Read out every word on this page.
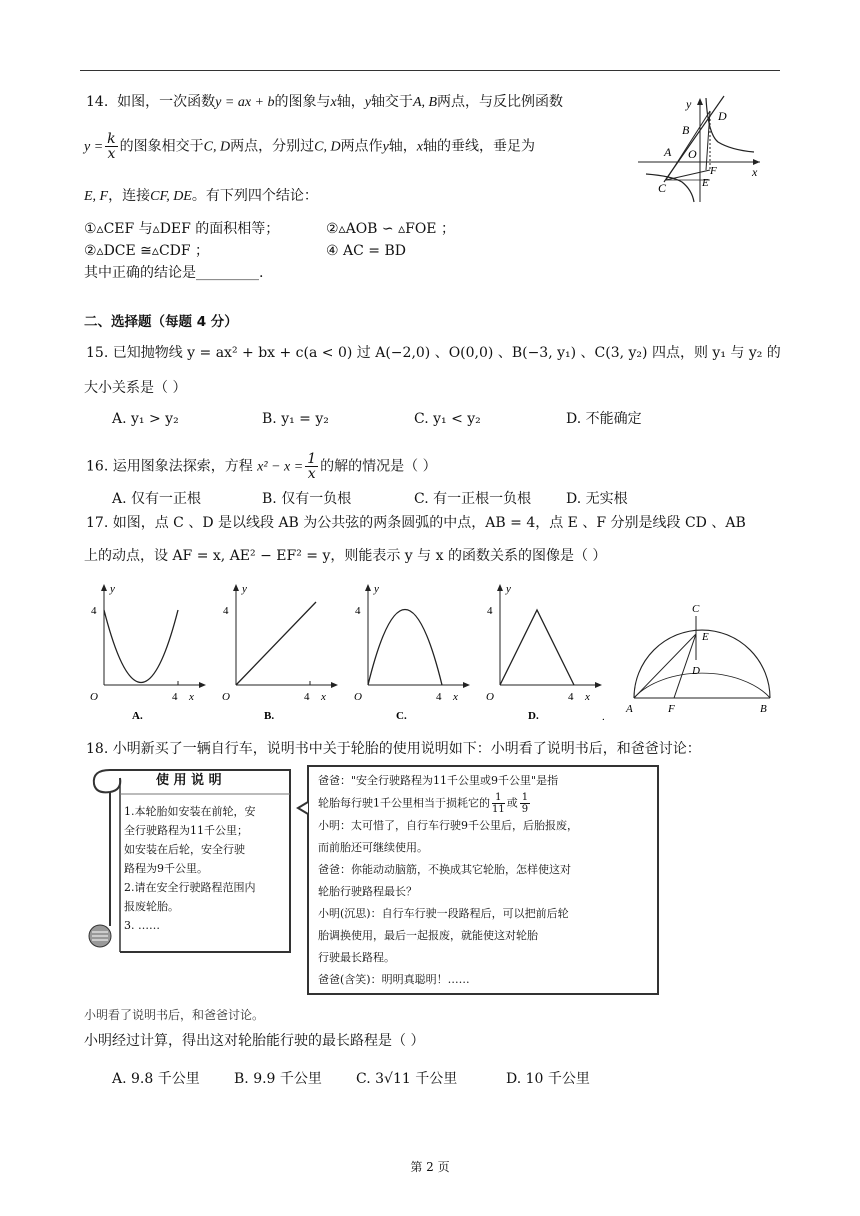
14. 如图，一次函数y = ax + b的图象与x轴，y轴交于A, B两点，与反比例函数
$y = \frac{k}{x}$ 的图象相交于C, D两点，分别过C, D两点作y轴，x轴的垂线，垂足为
E, F，连接CF, DE。有下列四个结论：
①▵CEF 与▵DEF 的面积相等；	②▵AOB ∽ ▵FOE ；
②▵DCE ≅▵CDF ；	④ AC = BD
其中正确的结论是_________.
y
D
B
A O
F
E
C
x
二、选择题（每题 4 分）
15. 已知抛物线 y = ax² + bx + c(a < 0) 过 A(−2,0) 、O(0,0) 、B(−3, y₁) 、C(3, y₂) 四点，则 y₁ 与 y₂ 的
大小关系是（ ）
A. y₁ > y₂	B. y₁ = y₂	C. y₁ < y₂	D. 不能确定
16. 运用图象法探索，方程 $x^2 - x = \frac{1}{x}$ 的解的情况是（ ）
A. 仅有一正根	B. 仅有一负根	C. 有一正根一负根 D. 无实根
17. 如图，点 C 、D 是以线段 AB 为公共弦的两条圆弧的中点，AB = 4，点 E 、F 分别是线段 CD 、AB
上的动点，设 AF = x, AE² − EF² = y，则能表示 y 与 x 的函数关系的图像是（ ）
y
4
O	4 x
A.
y
4
O	4 x
B.
y
4
O	4 x
C.
y
4
O	4 x
D.
C
E
D
A	F	B
.
18. 小明新买了一辆自行车，说明书中关于轮胎的使用说明如下：小明看了说明书后，和爸爸讨论：
使 用 说 明
1.本轮胎如安装在前轮，安
全行驶路程为11千公里；
如安装在后轮，安全行驶
路程为9千公里。
2.请在安全行驶路程范围内
报废轮胎。
3. ……
爸爸："安全行驶路程为11千公里或9千公里"是指
轮胎每行驶1千公里相当于损耗它的 $\frac{1}{11}$ 或 $\frac{1}{9}$
小明：太可惜了，自行车行驶9千公里后，后胎报废，
而前胎还可继续使用。
爸爸：你能动动脑筋，不换成其它轮胎，怎样使这对
轮胎行驶路程最长？
小明(沉思)：自行车行驶一段路程后，可以把前后轮
胎调换使用，最后一起报废，就能使这对轮胎
行驶最长路程。
爸爸(含笑)：明明真聪明！……
小明看了说明书后，和爸爸讨论。
小明经过计算，得出这对轮胎能行驶的最长路程是（ ）
A. 9.8 千公里 B. 9.9 千公里 C. 3√11 千公里	D. 10 千公里
第 2 页
